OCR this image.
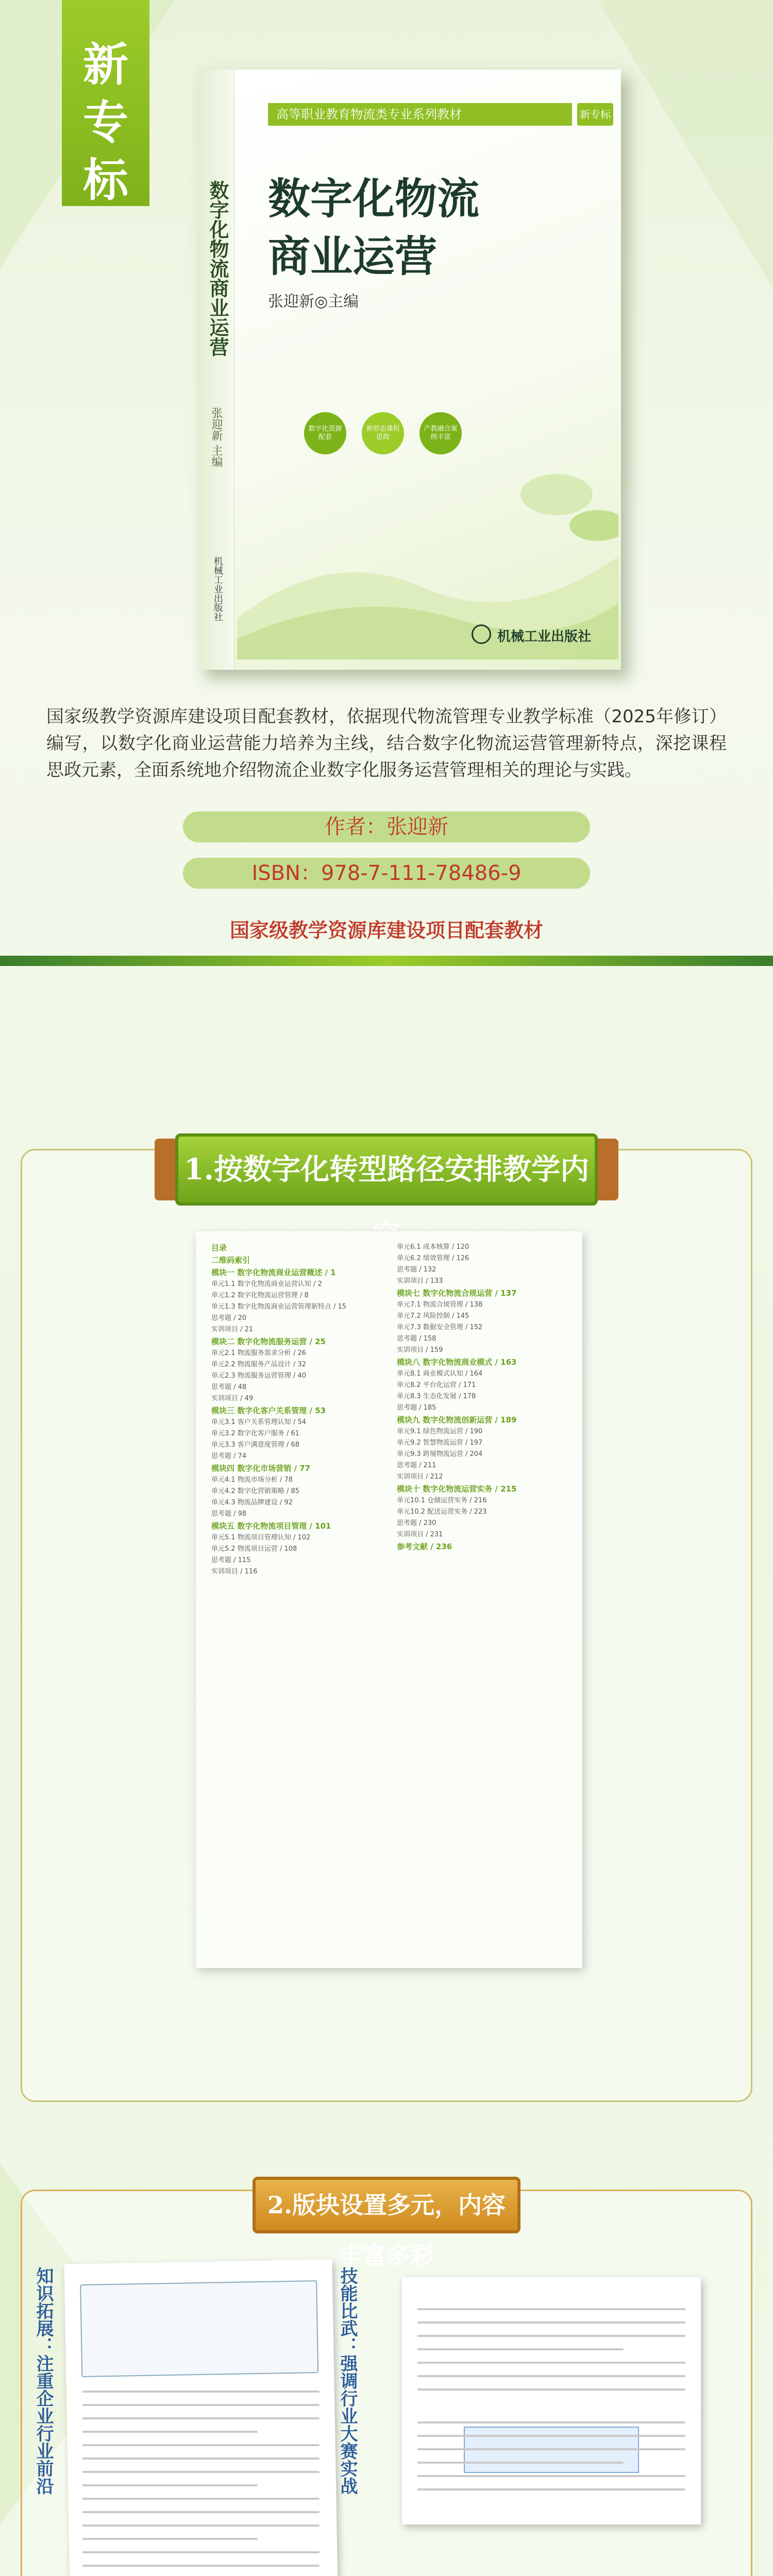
新
专
标
数字化物流商业运营
张迎新 主编
机械工业出版社
高等职业教育物流类专业系列教材	新专标
数字化物流
商业运营
张迎新◎主编
数字化资源配套
新形态课程思政
产教融合案例丰富
机械工业出版社
国家级教学资源库建设项目配套教材，依据现代物流管理专业教学标准（2025年修订）编写，以数字化商业运营能力培养为主线，结合数字化物流运营管理新特点，深挖课程思政元素，全面系统地介绍物流企业数字化服务运营管理相关的理论与实践。
作者：张迎新
ISBN：978-7-111-78486-9
国家级教学资源库建设项目配套教材
1.按数字化转型路径安排教学内
目录
二维码索引
模块一 数字化物流商业运营概述 / 1
单元1.1 数字化物流商业运营认知 / 2
单元1.2 数字化物流运营管理 / 8
单元1.3 数字化物流商业运营管理新特点 / 15
思考题 / 20
实训项目 / 21
模块二 数字化物流服务运营 / 25
单元2.1 物流服务需求分析 / 26
单元2.2 物流服务产品设计 / 32
单元2.3 物流服务运营管理 / 40
思考题 / 48
实训项目 / 49
模块三 数字化客户关系管理 / 53
单元3.1 客户关系管理认知 / 54
单元3.2 数字化客户服务 / 61
单元3.3 客户满意度管理 / 68
思考题 / 74
模块四 数字化市场营销 / 77
单元4.1 物流市场分析 / 78
单元4.2 数字化营销策略 / 85
单元4.3 物流品牌建设 / 92
思考题 / 98
模块五 数字化物流项目管理 / 101
单元5.1 物流项目管理认知 / 102
单元5.2 物流项目运营 / 108
思考题 / 115
实训项目 / 116
单元6.1 成本核算 / 120
单元6.2 绩效管理 / 126
思考题 / 132
实训项目 / 133
模块七 数字化物流合规运营 / 137
单元7.1 物流合规管理 / 138
单元7.2 风险控制 / 145
单元7.3 数据安全管理 / 152
思考题 / 158
实训项目 / 159
模块八 数字化物流商业模式 / 163
单元8.1 商业模式认知 / 164
单元8.2 平台化运营 / 171
单元8.3 生态化发展 / 178
思考题 / 185
模块九 数字化物流创新运营 / 189
单元9.1 绿色物流运营 / 190
单元9.2 智慧物流运营 / 197
单元9.3 跨境物流运营 / 204
思考题 / 211
实训项目 / 212
模块十 数字化物流运营实务 / 215
单元10.1 仓储运营实务 / 216
单元10.2 配送运营实务 / 223
思考题 / 230
实训项目 / 231
参考文献 / 236
2.版块设置多元，内容丰富多彩
知识拓展：注重企业行业前沿	技能比武：强调行业大赛实战
